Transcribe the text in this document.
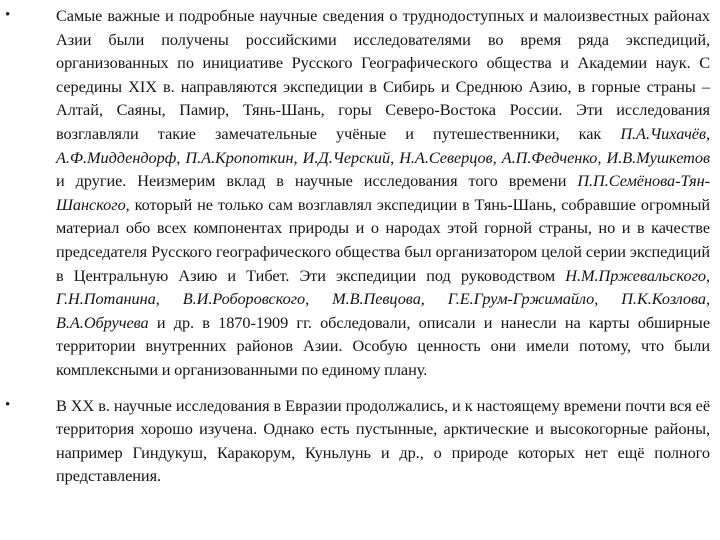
•	Самые важные и подробные научные сведения о труднодоступных и малоизвестных районах Азии были получены российскими исследователями во время ряда экспедиций, организованных по инициативе Русского Географического общества и Академии наук. С середины XIX в. направляются экспедиции в Сибирь и Среднюю Азию, в горные страны – Алтай, Саяны, Памир, Тянь-Шань, горы Северо-Востока России. Эти исследования возглавляли такие замечательные учёные и путешественники, как П.А.Чихачёв, А.Ф.Миддендорф, П.А.Кропоткин, И.Д.Черский, Н.А.Северцов, А.П.Федченко, И.В.Мушкетов и другие. Неизмерим вклад в научные исследования того времени П.П.Семёнова-Тян-Шанского, который не только сам возглавлял экспедиции в Тянь-Шань, собравшие огромный материал обо всех компонентах природы и о народах этой горной страны, но и в качестве председателя Русского географического общества был организатором целой серии экспедиций в Центральную Азию и Тибет. Эти экспедиции под руководством Н.М.Пржевальского, Г.Н.Потанина, В.И.Роборовского, М.В.Певцова, Г.Е.Грум-Гржимайло, П.К.Козлова, В.А.Обручева и др. в 1870-1909 гг. обследовали, описали и нанесли на карты обширные территории внутренних районов Азии. Особую ценность они имели потому, что были комплексными и организованными по единому плану.

•	В XX в. научные исследования в Евразии продолжались, и к настоящему времени почти вся её территория хорошо изучена. Однако есть пустынные, арктические и высокогорные районы, например Гиндукуш, Каракорум, Куньлунь и др., о природе которых нет ещё полного представления.
